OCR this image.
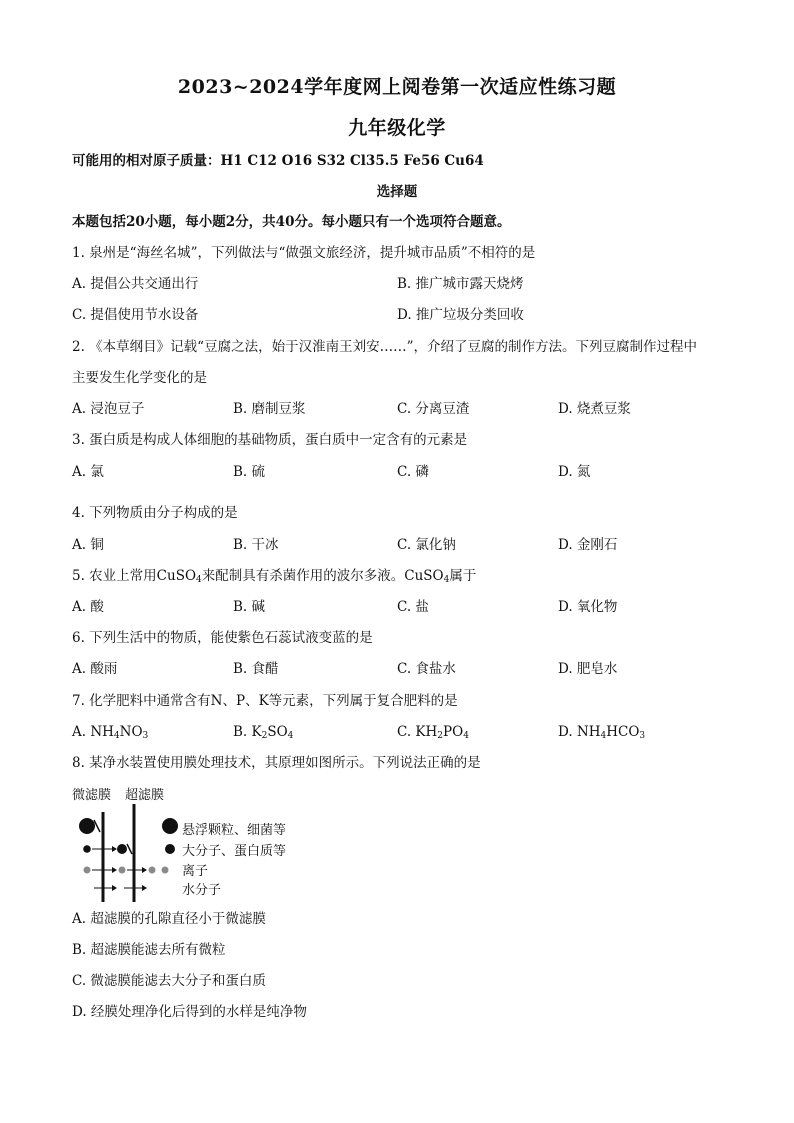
2023~2024学年度网上阅卷第一次适应性练习题
九年级化学
可能用的相对原子质量：H1 C12 O16 S32 Cl35.5 Fe56 Cu64
选择题
本题包括20小题，每小题2分，共40分。每小题只有一个选项符合题意。
1. 泉州是“海丝名城”，下列做法与“做强文旅经济，提升城市品质”不相符的是
A. 提倡公共交通出行	B. 推广城市露天烧烤
C. 提倡使用节水设备	D. 推广垃圾分类回收
2. 《本草纲目》记载“豆腐之法，始于汉淮南王刘安……”，介绍了豆腐的制作方法。下列豆腐制作过程中
主要发生化学变化的是
A. 浸泡豆子	B. 磨制豆浆	C. 分离豆渣	D. 烧煮豆浆
3. 蛋白质是构成人体细胞的基础物质，蛋白质中一定含有的元素是
A. 氯	B. 硫	C. 磷	D. 氮
4. 下列物质由分子构成的是
A. 铜	B. 干冰	C. 氯化钠	D. 金刚石
5. 农业上常用CuSO$_4$来配制具有杀菌作用的波尔多液。CuSO$_4$属于
A. 酸	B. 碱	C. 盐	D. 氧化物
6. 下列生活中的物质，能使紫色石蕊试液变蓝的是
A. 酸雨	B. 食醋	C. 食盐水	D. 肥皂水
7. 化学肥料中通常含有N、P、K等元素，下列属于复合肥料的是
A. $NH_4NO_3$	B. $K_2SO_4$	C. $KH_2PO_4$	D. $NH_4HCO_3$
8. 某净水装置使用膜处理技术，其原理如图所示。下列说法正确的是
微滤膜 超滤膜
悬浮颗粒、细菌等
大分子、蛋白质等
离子
水分子
A. 超滤膜的孔隙直径小于微滤膜
B. 超滤膜能滤去所有微粒
C. 微滤膜能滤去大分子和蛋白质
D. 经膜处理净化后得到的水样是纯净物
